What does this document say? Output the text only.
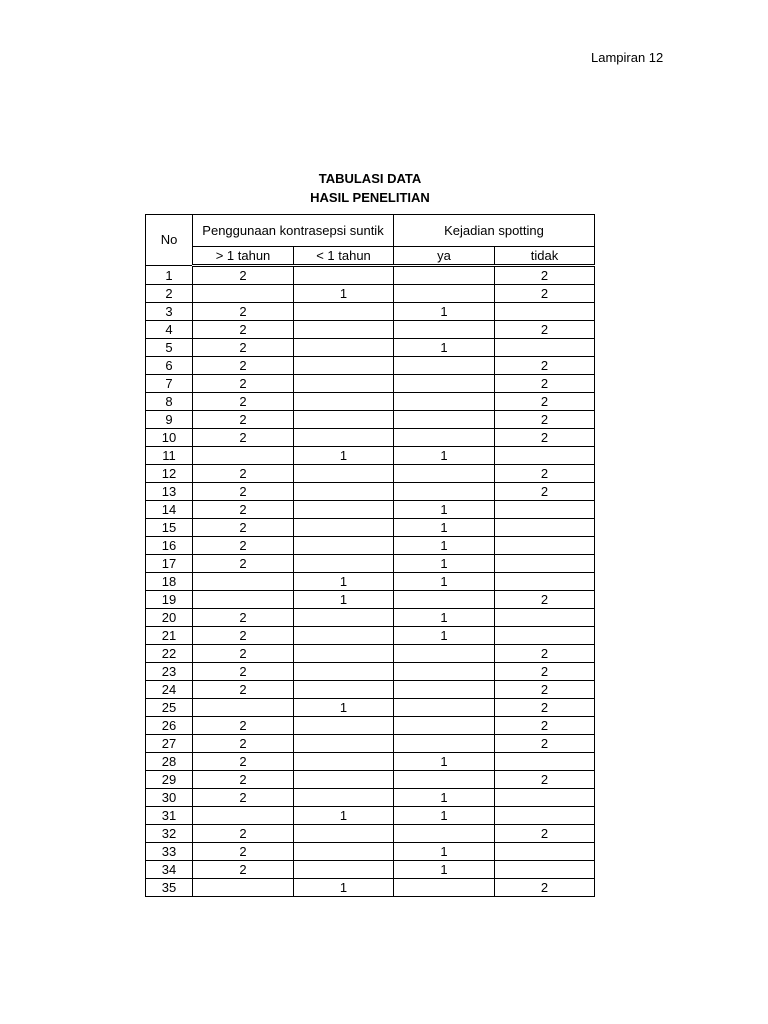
Lampiran 12
TABULASI DATA
HASIL PENELITIAN
No	Penggunaan kontrasepsi suntik		Kejadian spotting	
	> 1 tahun	< 1 tahun	ya	tidak
1	2			2
2		1		2
3	2		1	
4	2			2
5	2		1	
6	2			2
7	2			2
8	2			2
9	2			2
10	2			2
11		1	1	
12	2			2
13	2			2
14	2		1	
15	2		1	
16	2		1	
17	2		1	
18		1	1	
19		1		2
20	2		1	
21	2		1	
22	2			2
23	2			2
24	2			2
25		1		2
26	2			2
27	2			2
28	2		1	
29	2			2
30	2		1	
31		1	1	
32	2			2
33	2		1	
34	2		1	
35		1		2
